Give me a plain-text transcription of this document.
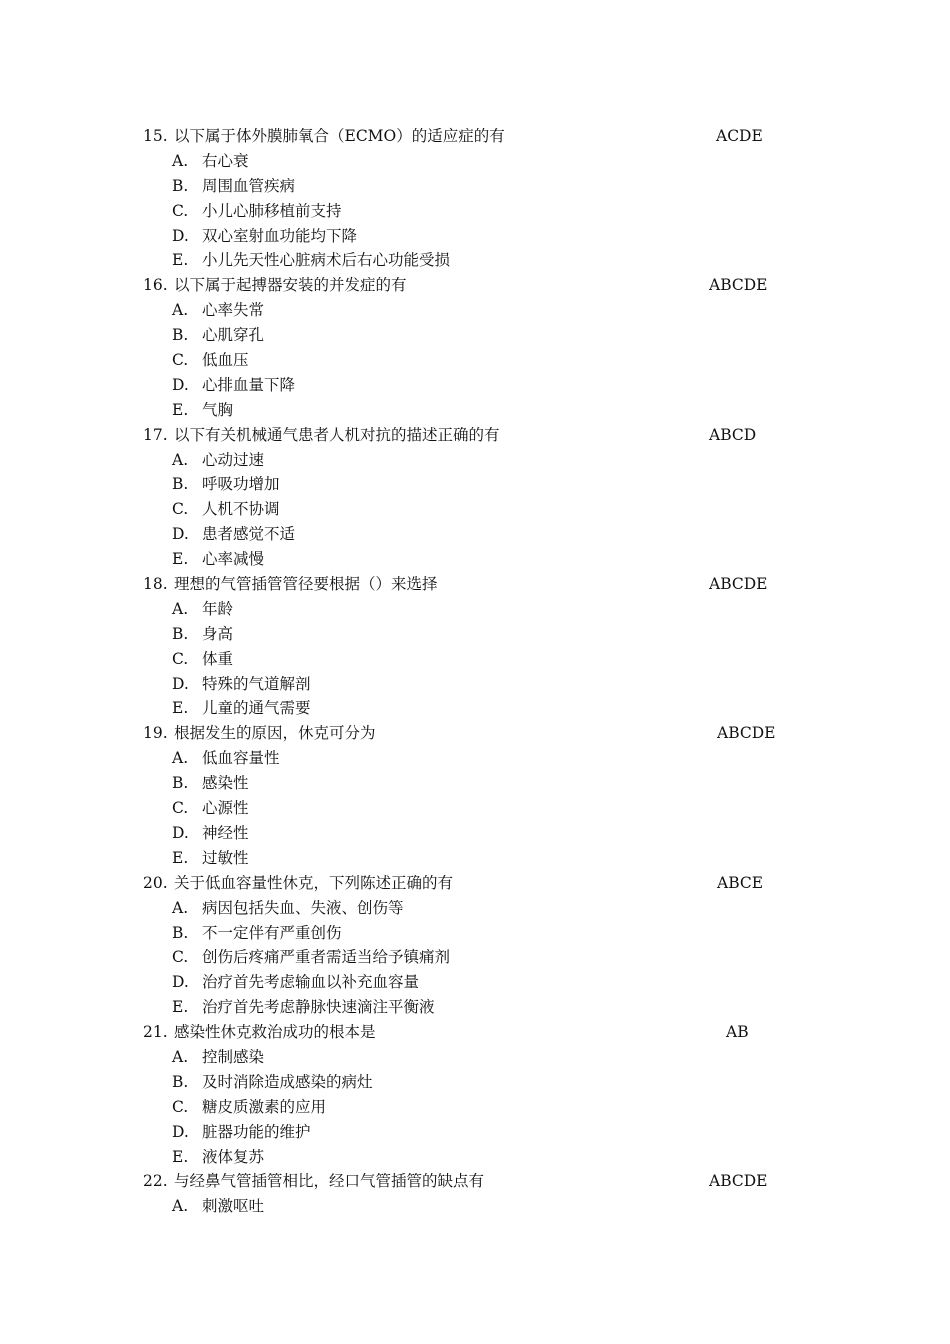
15. 以下属于体外膜肺氧合（ECMO）的适应症的有	ACDE
A. 右心衰
B. 周围血管疾病
C. 小儿心肺移植前支持
D. 双心室射血功能均下降
E. 小儿先天性心脏病术后右心功能受损
16. 以下属于起搏器安装的并发症的有	ABCDE
A. 心率失常
B. 心肌穿孔
C. 低血压
D. 心排血量下降
E. 气胸
17. 以下有关机械通气患者人机对抗的描述正确的有	ABCD
A. 心动过速
B. 呼吸功增加
C. 人机不协调
D. 患者感觉不适
E. 心率减慢
18. 理想的气管插管管径要根据（）来选择	ABCDE
A. 年龄
B. 身高
C. 体重
D. 特殊的气道解剖
E. 儿童的通气需要
19. 根据发生的原因，休克可分为	ABCDE
A. 低血容量性
B. 感染性
C. 心源性
D. 神经性
E. 过敏性
20. 关于低血容量性休克，下列陈述正确的有	ABCE
A. 病因包括失血、失液、创伤等
B. 不一定伴有严重创伤
C. 创伤后疼痛严重者需适当给予镇痛剂
D. 治疗首先考虑输血以补充血容量
E. 治疗首先考虑静脉快速滴注平衡液
21. 感染性休克救治成功的根本是	AB
A. 控制感染
B. 及时消除造成感染的病灶
C. 糖皮质激素的应用
D. 脏器功能的维护
E. 液体复苏
22. 与经鼻气管插管相比，经口气管插管的缺点有	ABCDE
A. 刺激呕吐
